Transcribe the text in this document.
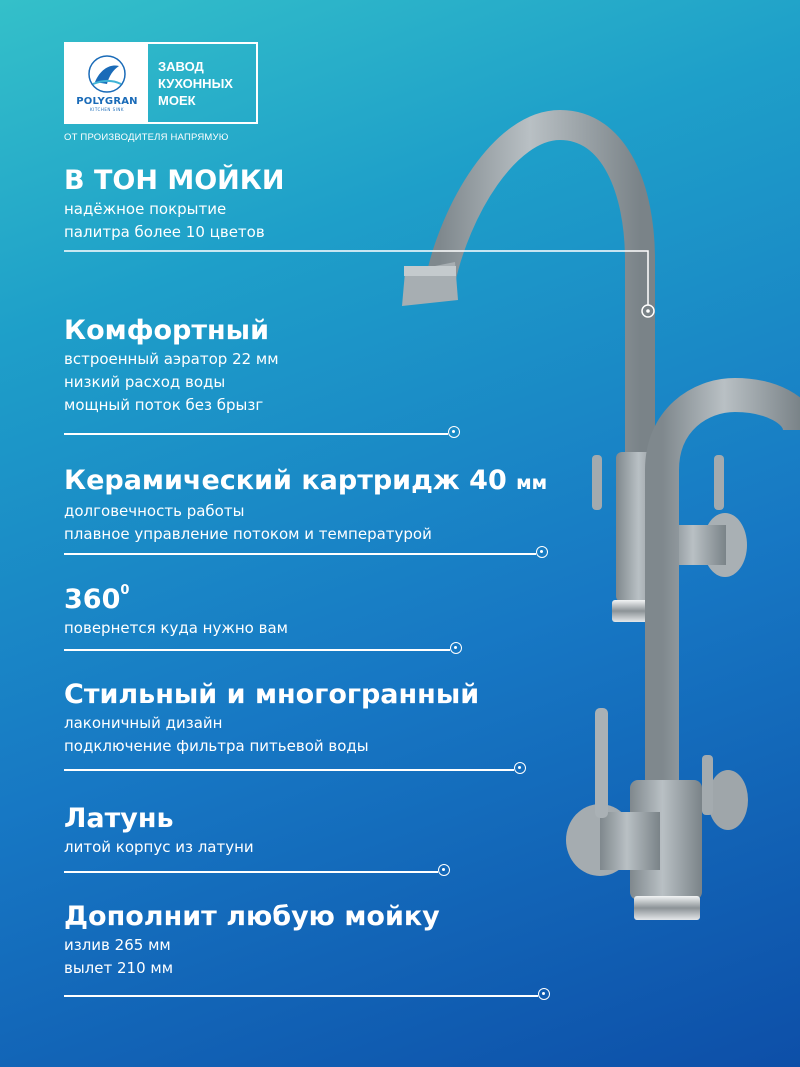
POLYGRAN
KITCHEN SINK
ЗАВОД
КУХОННЫХ
МОЕК
ОТ ПРОИЗВОДИТЕЛЯ НАПРЯМУЮ
В ТОН МОЙКИ
надёжное покрытие
палитра более 10 цветов
Комфортный
встроенный аэратор 22 мм
низкий расход воды
мощный поток без брызг
Керамический картридж 40 мм
долговечность работы
плавное управление потоком и температурой
$360^0$
повернется куда нужно вам
Стильный и многогранный
лаконичный дизайн
подключение фильтра питьевой воды
Латунь
литой корпус из латуни
Дополнит любую мойку
излив 265 мм
вылет 210 мм
